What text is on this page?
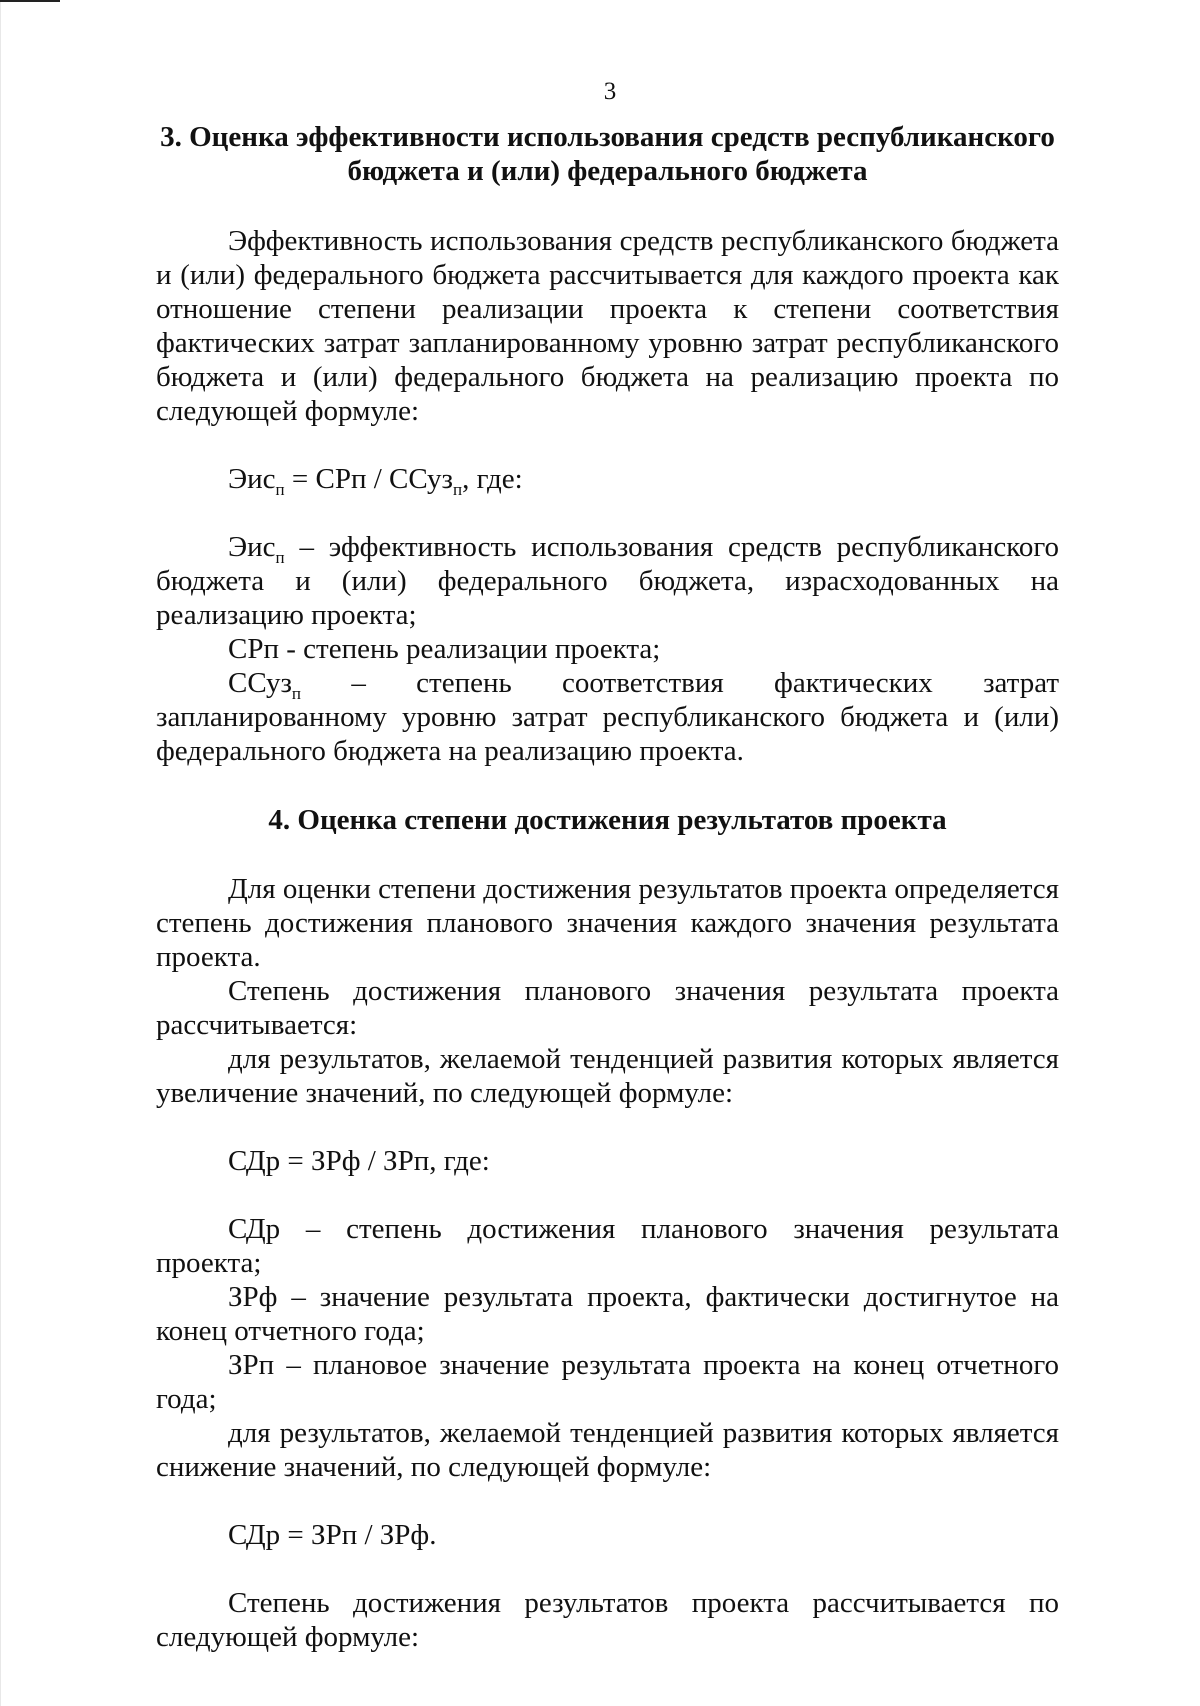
3
3. Оценка эффективности использования средств республиканского
бюджета и (или) федерального бюджета

Эффективность использования средств республиканского бюджета и (или) федерального бюджета рассчитывается для каждого проекта как отношение степени реализации проекта к степени соответствия фактических затрат запланированному уровню затрат республиканского бюджета и (или) федерального бюджета на реализацию проекта по следующей формуле:

Эис$_п$ = СРп / ССуз$_п$, где:

Эис$_п$ – эффективность использования средств республиканского бюджета и (или) федерального бюджета, израсходованных на реализацию проекта;

СРп - степень реализации проекта;

ССуз$_п$ – степень соответствия фактических затрат запланированному уровню затрат республиканского бюджета и (или) федерального бюджета на реализацию проекта.

4. Оценка степени достижения результатов проекта

Для оценки степени достижения результатов проекта определяется степень достижения планового значения каждого значения результата проекта.

Степень достижения планового значения результата проекта рассчитывается:

для результатов, желаемой тенденцией развития которых является увеличение значений, по следующей формуле:

СДр = ЗРф / ЗРп, где:

СДр – степень достижения планового значения результата проекта;

ЗРф – значение результата проекта, фактически достигнутое на конец отчетного года;

ЗРп – плановое значение результата проекта на конец отчетного года;

для результатов, желаемой тенденцией развития которых является снижение значений, по следующей формуле:

СДр = ЗРп / ЗРф.

Степень достижения результатов проекта рассчитывается по следующей формуле:
